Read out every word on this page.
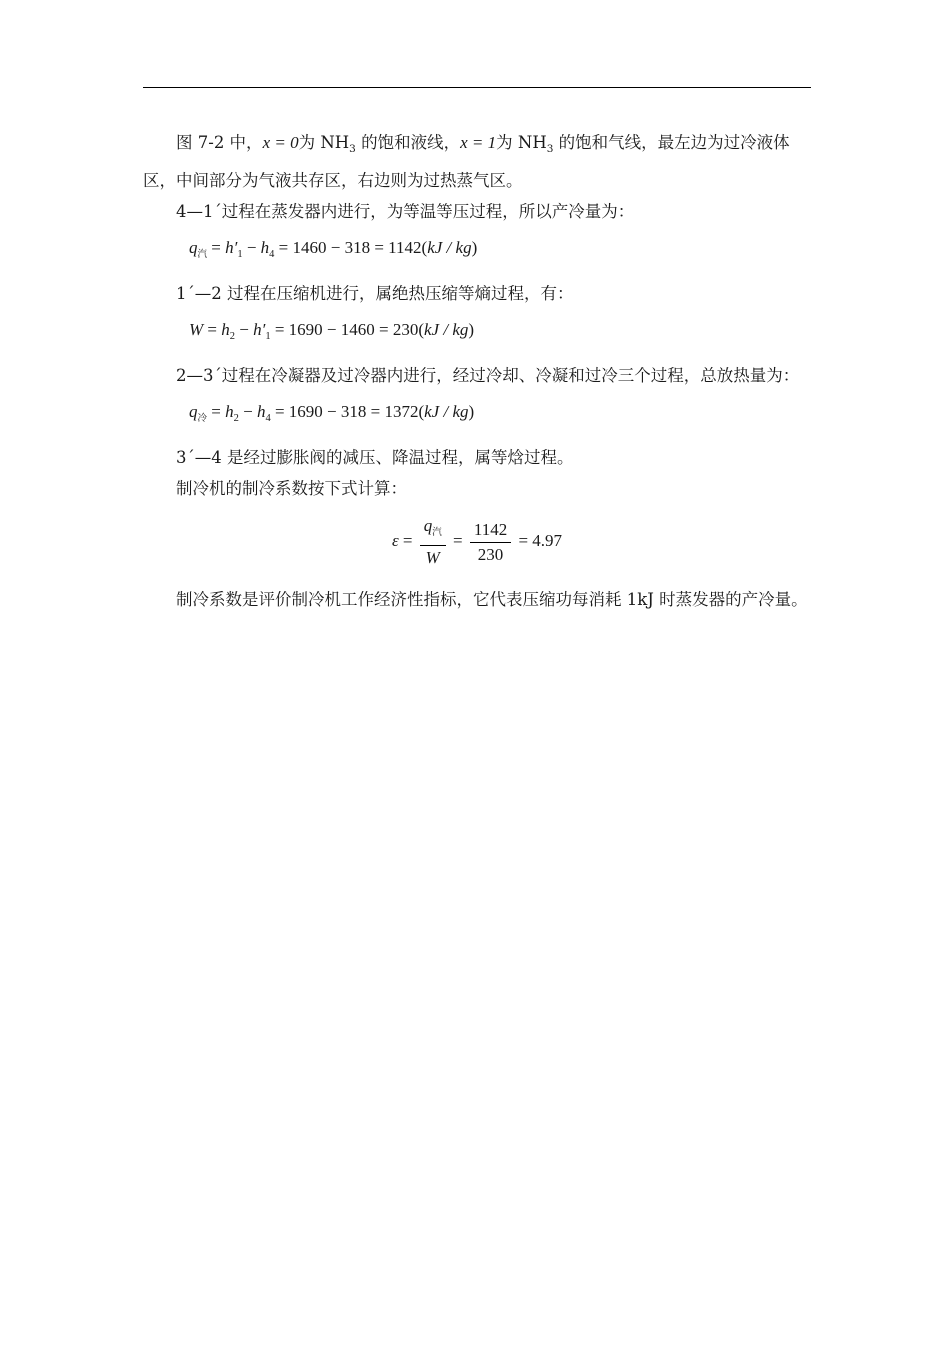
图 7-2 中，x = 0为 $NH_3$ 的饱和液线，x = 1为 $NH_3$ 的饱和气线，最左边为过冷液体区，中间部分为气液共存区，右边则为过热蒸气区。

4—1´过程在蒸发器内进行，为等温等压过程，所以产冷量为：

$q_汽 = h'_1 - h_4 = 1460 - 318 = 1142(kJ / kg)$

1´—2 过程在压缩机进行，属绝热压缩等熵过程，有：

$W = h_2 - h'_1 = 1690 - 1460 = 230(kJ / kg)$

2—3´过程在冷凝器及过冷器内进行，经过冷却、冷凝和过冷三个过程，总放热量为：

$q_冷 = h_2 - h_4 = 1690 - 318 = 1372(kJ / kg)$

3´—4 是经过膨胀阀的减压、降温过程，属等焓过程。

制冷机的制冷系数按下式计算：

$\varepsilon = \frac{q_汽}{W} = \frac{1142}{230} = 4.97$

制冷系数是评价制冷机工作经济性指标，它代表压缩功每消耗 1kJ 时蒸发器的产冷量。
